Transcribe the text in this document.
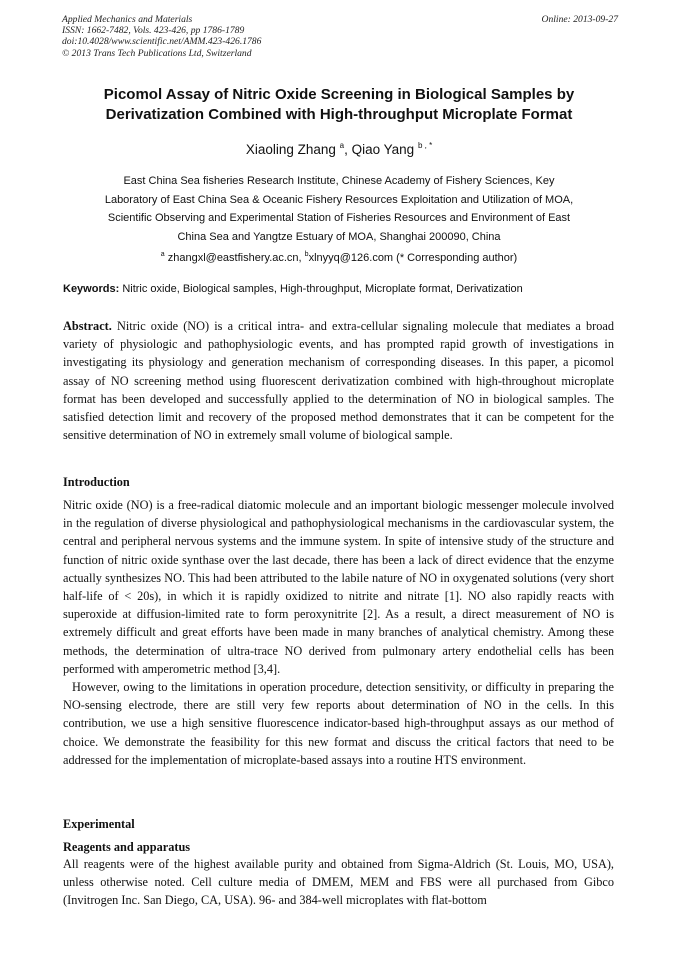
Applied Mechanics and Materials
ISSN: 1662-7482, Vols. 423-426, pp 1786-1789
doi:10.4028/www.scientific.net/AMM.423-426.1786
© 2013 Trans Tech Publications Ltd, Switzerland
Online: 2013-09-27
Picomol Assay of Nitric Oxide Screening in Biological Samples by
Derivatization Combined with High-throughput Microplate Format
Xiaoling Zhang $^a$, Qiao Yang $^{b , *}$
East China Sea fisheries Research Institute, Chinese Academy of Fishery Sciences, Key
Laboratory of East China Sea & Oceanic Fishery Resources Exploitation and Utilization of MOA,
Scientific Observing and Experimental Station of Fisheries Resources and Environment of East
China Sea and Yangtze Estuary of MOA, Shanghai 200090, China
$^a$ zhangxl@eastfishery.ac.cn, $^b$xlnyyq@126.com (* Corresponding author)
Keywords: Nitric oxide, Biological samples, High-throughput, Microplate format, Derivatization

Abstract. Nitric oxide (NO) is a critical intra- and extra-cellular signaling molecule that mediates a broad variety of physiologic and pathophysiologic events, and has prompted rapid growth of investigations in investigating its physiology and generation mechanism of corresponding diseases. In this paper, a picomol assay of NO screening method using fluorescent derivatization combined with high-throughout microplate format has been developed and successfully applied to the determination of NO in biological samples. The satisfied detection limit and recovery of the proposed method demonstrates that it can be competent for the sensitive determination of NO in extremely small volume of biological sample.

Introduction

Nitric oxide (NO) is a free-radical diatomic molecule and an important biologic messenger molecule involved in the regulation of diverse physiological and pathophysiological mechanisms in the cardiovascular system, the central and peripheral nervous systems and the immune system. In spite of intensive study of the structure and function of nitric oxide synthase over the last decade, there has been a lack of direct evidence that the enzyme actually synthesizes NO. This had been attributed to the labile nature of NO in oxygenated solutions (very short half-life of < 20s), in which it is rapidly oxidized to nitrite and nitrate [1]. NO also rapidly reacts with superoxide at diffusion-limited rate to form peroxynitrite [2]. As a result, a direct measurement of NO is extremely difficult and great efforts have been made in many branches of analytical chemistry. Among these methods, the determination of ultra-trace NO derived from pulmonary artery endothelial cells has been performed with amperometric method [3,4].

However, owing to the limitations in operation procedure, detection sensitivity, or difficulty in preparing the NO-sensing electrode, there are still very few reports about determination of NO in the cells. In this contribution, we use a high sensitive fluorescence indicator-based high-throughput assays as our method of choice. We demonstrate the feasibility for this new format and discuss the critical factors that need to be addressed for the implementation of microplate-based assays into a routine HTS environment.

Experimental
Reagents and apparatus

All reagents were of the highest available purity and obtained from Sigma-Aldrich (St. Louis, MO, USA), unless otherwise noted. Cell culture media of DMEM, MEM and FBS were all purchased from Gibco (Invitrogen Inc. San Diego, CA, USA). 96- and 384-well microplates with flat-bottom
